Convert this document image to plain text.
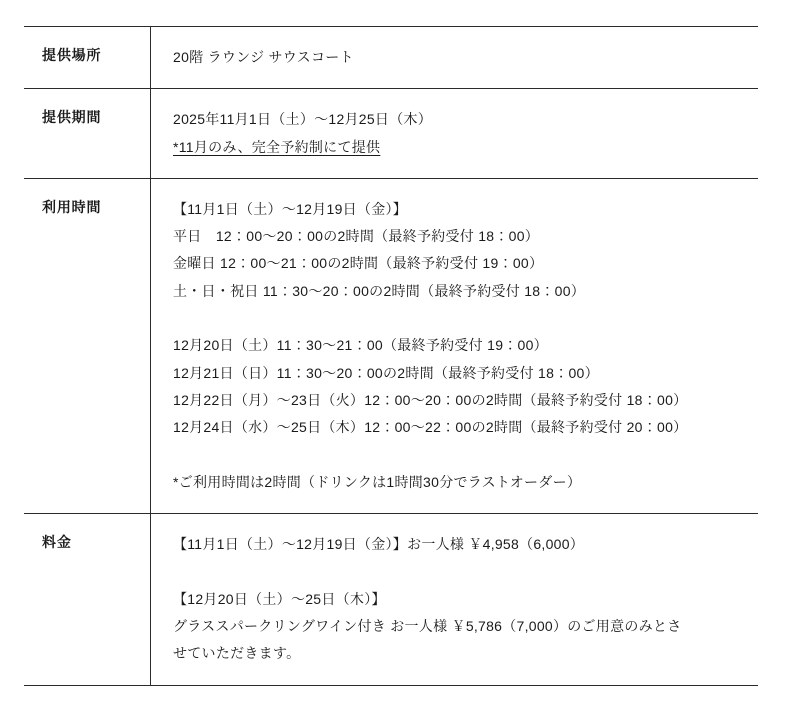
提供場所	20階 ラウンジ サウスコート

提供期間	2025年11月1日（土）〜12月25日（木）
*11月のみ、完全予約制にて提供

利用時間	【11月1日（土）〜12月19日（金）】
平日　12：00〜20：00の2時間（最終予約受付 18：00）
金曜日 12：00〜21：00の2時間（最終予約受付 19：00）
土・日・祝日 11：30〜20：00の2時間（最終予約受付 18：00）
12月20日（土）11：30〜21：00（最終予約受付 19：00）
12月21日（日）11：30〜20：00の2時間（最終予約受付 18：00）
12月22日（月）〜23日（火）12：00〜20：00の2時間（最終予約受付 18：00）
12月24日（水）〜25日（木）12：00〜22：00の2時間（最終予約受付 20：00）
*ご利用時間は2時間（ドリンクは1時間30分でラストオーダー）

料金	【11月1日（土）〜12月19日（金）】お一人様 ￥4,958（6,000）
【12月20日（土）〜25日（木）】
グラススパークリングワイン付き お一人様 ￥5,786（7,000）のご用意のみとさ
せていただきます。
